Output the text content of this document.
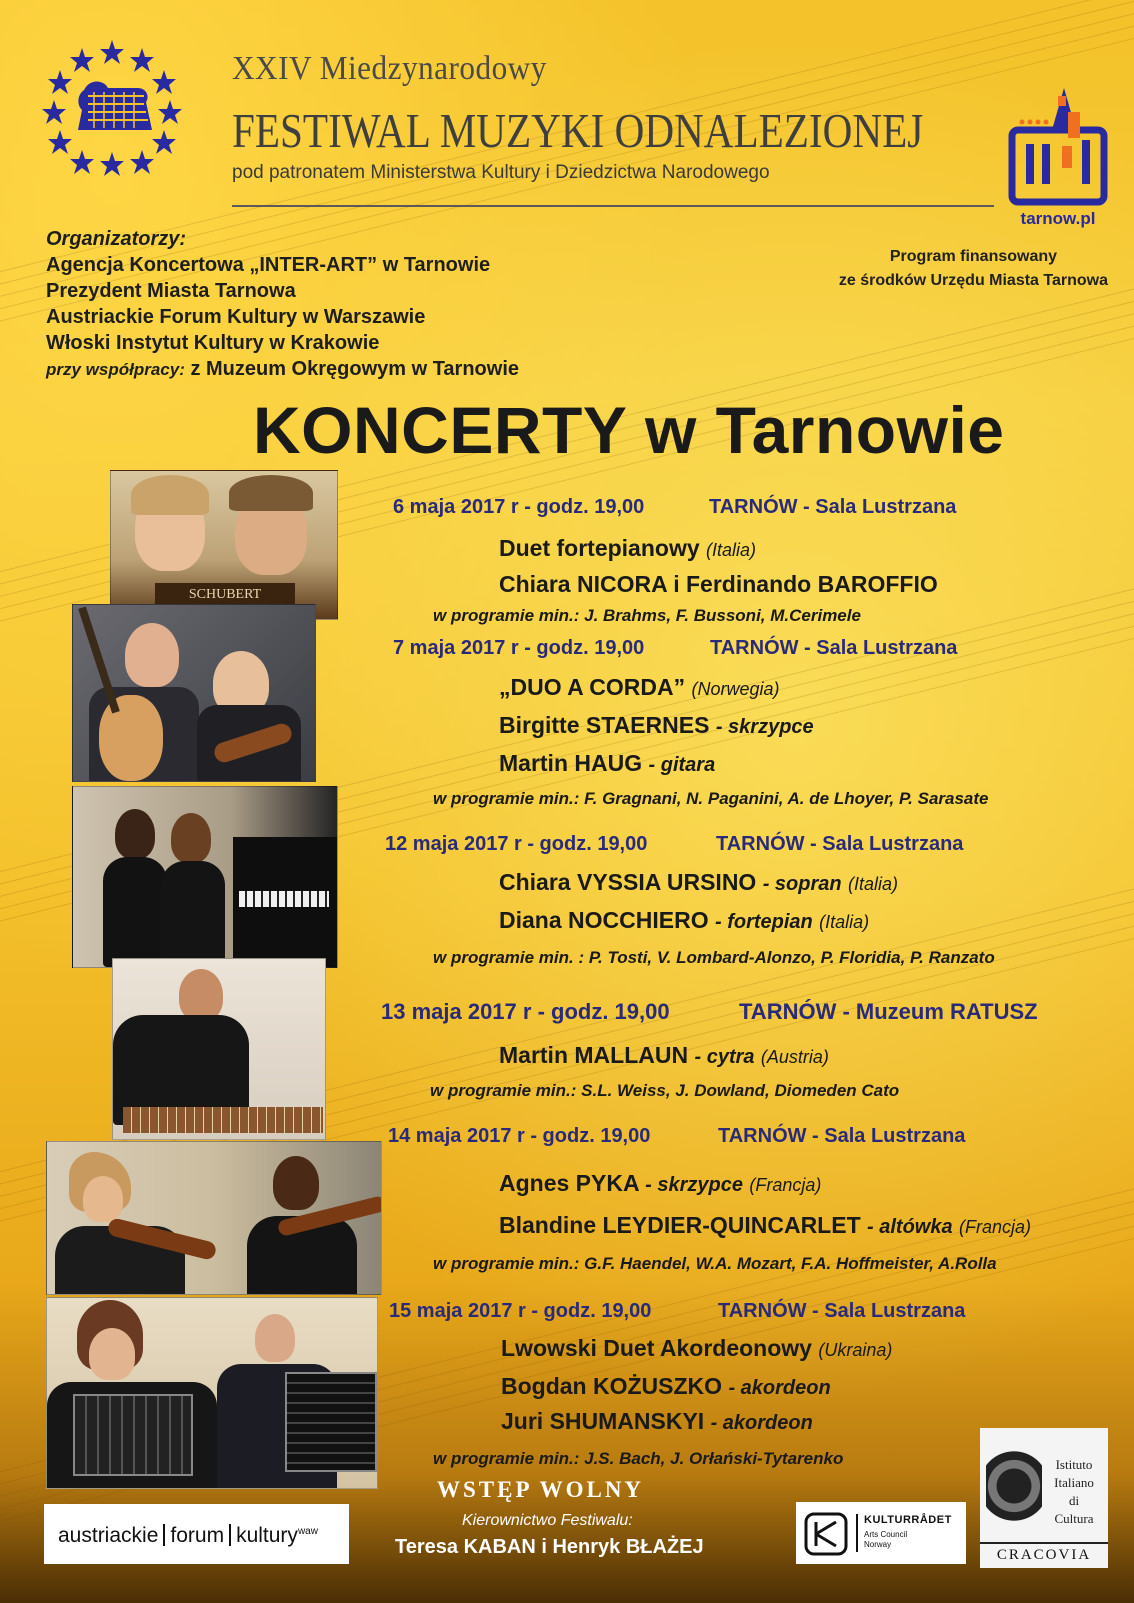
XXIV Miedzynarodowy
FESTIWAL MUZYKI ODNALEZIONEJ
pod patronatem Ministerstwa Kultury i Dziedzictwa Narodowego
tarnow.pl
Organizatorzy:
Agencja Koncertowa „INTER-ART” w Tarnowie
Prezydent Miasta Tarnowa
Austriackie Forum Kultury w Warszawie
Włoski Instytut Kultury w Krakowie
przy współpracy: z Muzeum Okręgowym w Tarnowie
Program finansowany
ze środków Urzędu Miasta Tarnowa
KONCERTY w Tarnowie
SCHUBERT
6 maja 2017 r - godz. 19,00	TARNÓW - Sala Lustrzana
Duet fortepianowy (Italia)
Chiara NICORA i Ferdinando BAROFFIO
w programie min.: J. Brahms, F. Bussoni, M.Cerimele
7 maja 2017 r - godz. 19,00	TARNÓW - Sala Lustrzana
„DUO A CORDA” (Norwegia)
Birgitte STAERNES - skrzypce
Martin HAUG - gitara
w programie min.: F. Gragnani, N. Paganini, A. de Lhoyer, P. Sarasate
12 maja 2017 r - godz. 19,00	TARNÓW - Sala Lustrzana
Chiara VYSSIA URSINO - sopran (Italia)
Diana NOCCHIERO - fortepian (Italia)
w programie min. : P. Tosti, V. Lombard-Alonzo, P. Floridia, P. Ranzato
13 maja 2017 r - godz. 19,00	TARNÓW - Muzeum RATUSZ
Martin MALLAUN - cytra (Austria)
w programie min.: S.L. Weiss, J. Dowland, Diomeden Cato
14 maja 2017 r - godz. 19,00	TARNÓW - Sala Lustrzana
Agnes PYKA - skrzypce (Francja)
Blandine LEYDIER-QUINCARLET - altówka (Francja)
w programie min.: G.F. Haendel, W.A. Mozart, F.A. Hoffmeister, A.Rolla
15 maja 2017 r - godz. 19,00	TARNÓW - Sala Lustrzana
Lwowski Duet Akordeonowy (Ukraina)
Bogdan KOŻUSZKO - akordeon
Juri SHUMANSKYI - akordeon
w programie min.: J.S. Bach, J. Orłański-Tytarenko
WSTĘP WOLNY
Kierownictwo Festiwalu:
Teresa KABAN i Henryk BŁAŻEJ
austriackie forum kultury$^{waw}$
KULTURRÅDET
Arts Council
Norway
Istituto
Italiano
di
Cultura
CRACOVIA
